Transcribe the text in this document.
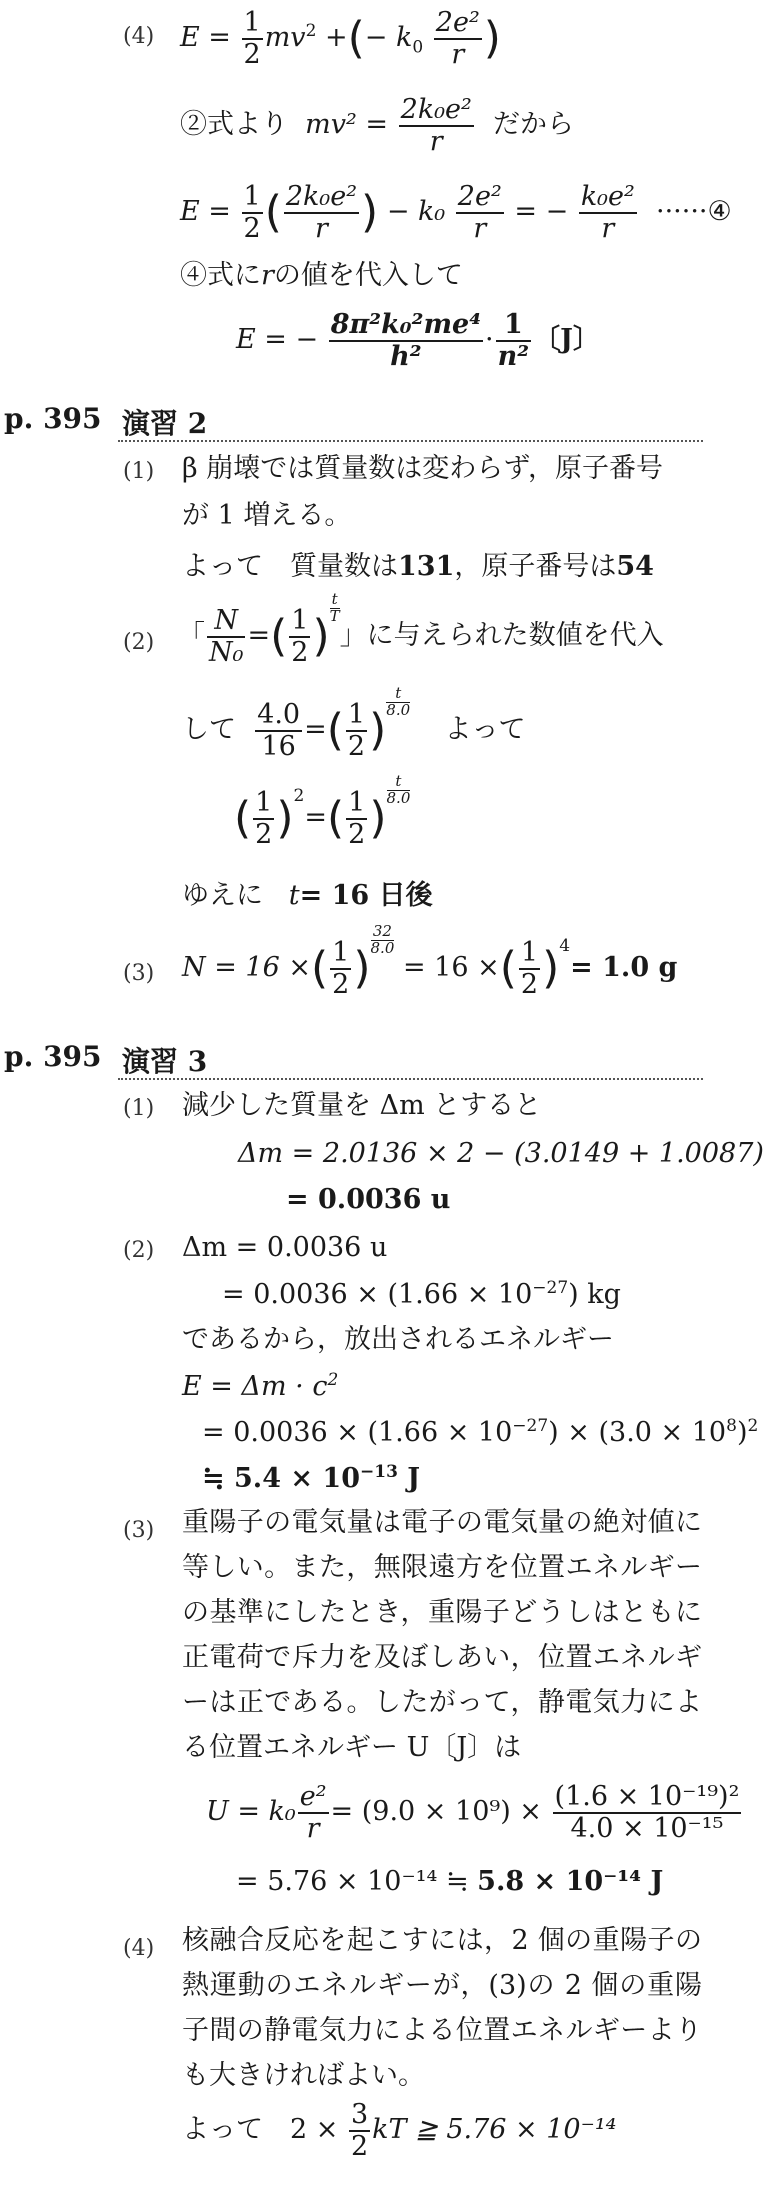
(4) $E = \frac{1}{2} mv^2$ +(− $k_0 \frac{\text{2e²}}{r}$ )
②式より $mv^2 = \frac{\text{2k₀e²}}{r}$ だから
$E = \frac{1}{2}$ ( $\frac{\text{2k₀e²}}{r}$ ) − $k_0 \frac{\text{2e²}}{r}$ = − $\frac{\text{k₀e²}}{r}$ ······④
④式にrの値を代入して
E = − $\frac{\text{8π²k₀²me⁴}}{\text{h²}} \cdot \frac{1}{\text{n²}}$ 〔J〕
p. 395 演習 2
(1) β 崩壊では質量数は変わらず，原子番号
が 1 増える。
よって　質量数は131，原子番号は54
(2) 「 $\frac{N}{\text{N₀}}$ =( $\frac{1}{2}$ )
$\frac{t}{T}$
」に与えられた数値を代入
して $\frac{4.0}{16}$ =( $\frac{1}{2}$ )
$\frac{t}{8.0}$
よって
( $\frac{1}{2} )^2=( \frac{1}{2}$ )
$\frac{t}{8.0}$
ゆえに t= 16 日後
(3) N = 16 ×( $\frac{1}{2}$ )
$\frac{32}{8.0}$
= 16 ×( $\frac{1}{2} )^4= 1.0$ g
p. 395 演習 3
(1) 減少した質量を Δm とすると
Δm = 2.0136 × 2 − (3.0149 + 1.0087)
= 0.0036 u
(2) Δm = 0.0036 u
= $0.0036 \times (1.66 \times 10^{-27})$ kg
であるから，放出されるエネルギー
$E = \Delta m \cdot c^2$
= $0.0036 \times (1.66 \times 10^{-27}) \times (3.0 \times 10^8)^2$
≒ $5.4 \times 10^{-13}$ J
(3) 重陽子の電気量は電子の電気量の絶対値に等しい。また，無限遠方を位置エネルギーの基準にしたとき，重陽子どうしはともに正電荷で斥力を及ぼしあい，位置エネルギーは正である。したがって，静電気力による位置エネルギー U〔J〕は
$U = k_0 \frac{\text{e²}}{r} = (9.0 \times 10^9) \times \frac{\text{(1.6 × 10⁻¹⁹)²}}{\text{4.0 × 10⁻¹⁵}}$
= 5.76 × 10⁻¹⁴ ≒ 5.8 × 10⁻¹⁴ J
(4) 核融合反応を起こすには，2 個の重陽子の熱運動のエネルギーが，(3)の 2 個の重陽子間の静電気力による位置エネルギーよりも大きければよい。
よって　$2 \times \frac{3}{2}$ kT ≧ 5.76 × 10⁻¹⁴
